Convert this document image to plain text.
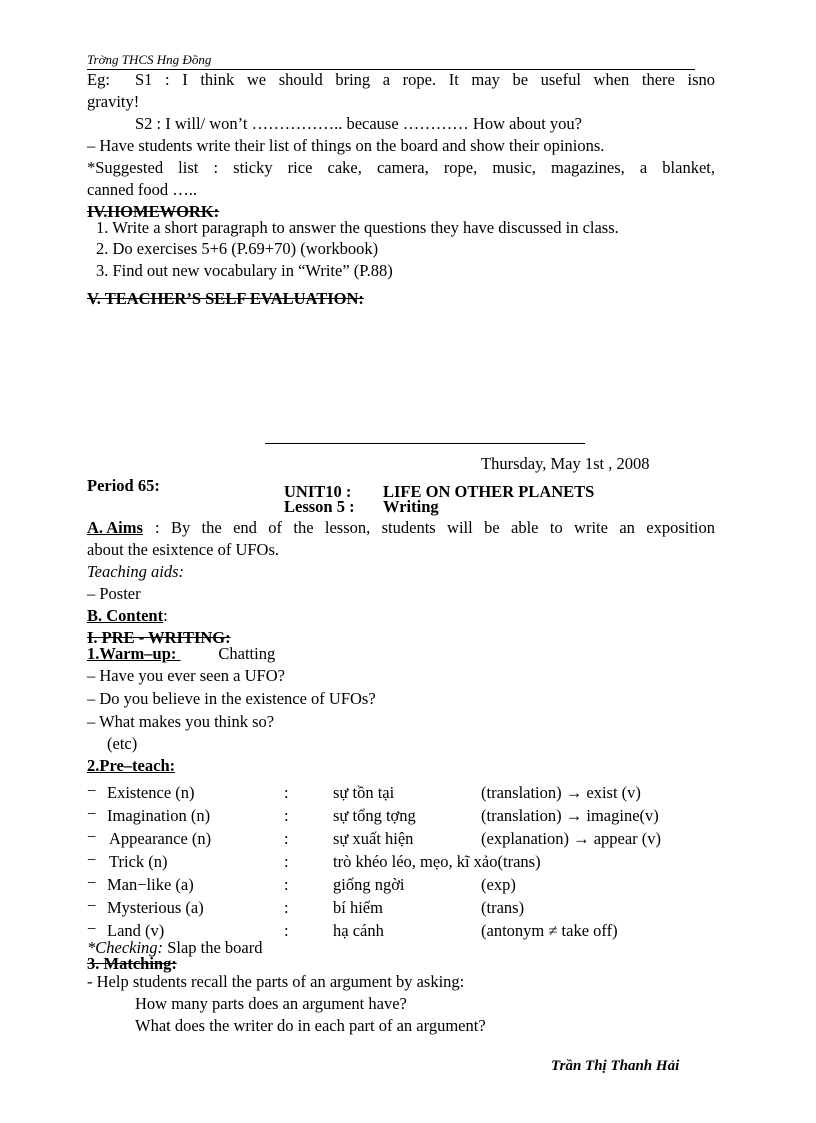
Trờng THCS Hng Đồng
Eg: S1 : I think we should bring a rope. It may be useful when there isno
gravity!
S2 : I will/ won’t …………….. because ………… How about you?
– Have students write their list of things on the board and show their opinions.
*Suggested list : sticky rice cake, camera, rope, music, magazines, a blanket,
canned food …..
IV.HOMEWORK:
1. Write a short paragraph to answer the questions they have discussed in class.
2. Do exercises 5+6 (P.69+70) (workbook)
3. Find out new vocabulary in “Write” (P.88)
V. TEACHER’S SELF EVALUATION:
Thursday, May 1st , 2008
Period 65:	UNIT10 : LIFE ON OTHER PLANETS
Lesson 5 : Writing
A. Aims : By the end of the lesson, students will be able to write an exposition
about the esixtence of UFOs.
Teaching aids:
– Poster
B. Content:
I. PRE - WRITING:
1.Warm–up:	Chatting
– Have you ever seen a UFO?
– Do you believe in the existence of UFOs?
– What makes you think so?
(etc)
2.Pre–teach:
− Existence (n)	:	sự tồn tại	(translation) → exist (v)
− Imagination (n)	:	sự tổng tợng	(translation) → imagine(v)
− Appearance (n)	:	sự xuất hiện	(explanation) → appear (v)
− Trick (n)	:	trò khéo léo, mẹo, kĩ xảo(trans)
− Man−like (a)	:	giống ngời	(exp)
− Mysterious (a)	:	bí hiểm	(trans)
− Land (v)	:	hạ cánh	(antonym ≠ take off)
*Checking: Slap the board
3. Matching:
- Help students recall the parts of an argument by asking:
How many parts does an argument have?
What does the writer do in each part of an argument?
Trần Thị Thanh Hải
